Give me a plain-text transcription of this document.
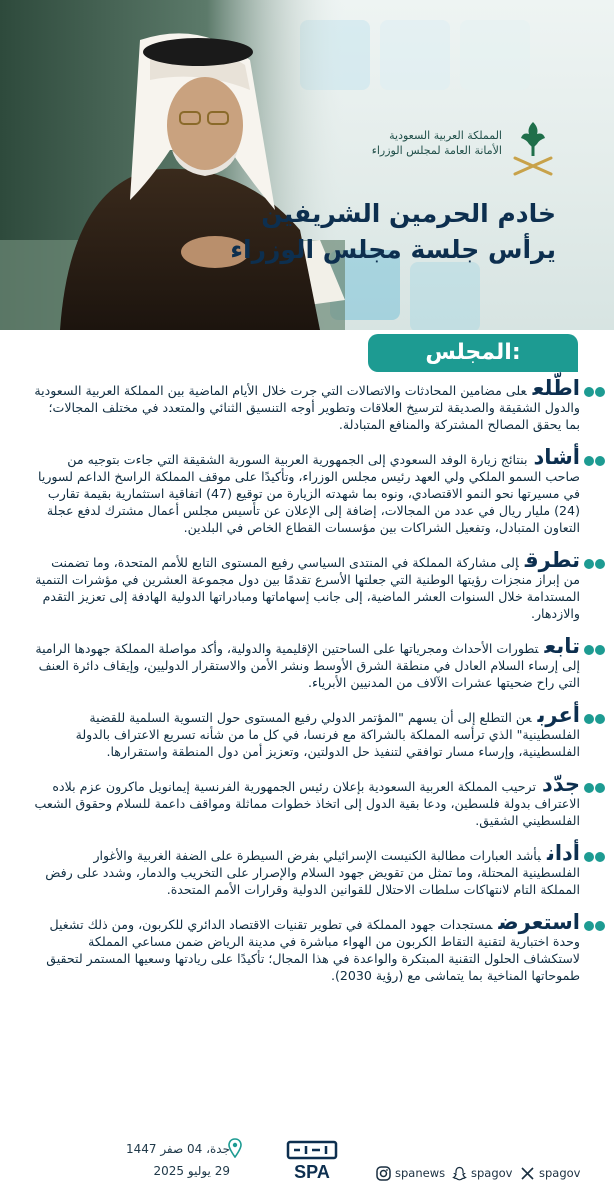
المملكة العربية السعودية
الأمانة العامة لمجلس الوزراء
خادم الحرمين الشريفين
يرأس جلسة مجلس الوزراء
المجلس:
اطّلععلى مضامين المحادثات والاتصالات التي جرت خلال الأيام الماضية بين المملكة العربية السعودية والدول الشقيقة والصديقة لترسيخ العلاقات وتطوير أوجه التنسيق الثنائي والمتعدد في مختلف المجالات؛ بما يحقق المصالح المشتركة والمنافع المتبادلة.
أشادبنتائج زيارة الوفد السعودي إلى الجمهورية العربية السورية الشقيقة التي جاءت بتوجيه من صاحب السمو الملكي ولي العهد رئيس مجلس الوزراء، وتأكيدًا على موقف المملكة الراسخ الداعم لسوريا في مسيرتها نحو النمو الاقتصادي، ونوه بما شهدته الزيارة من توقيع (47) اتفاقية استثمارية بقيمة تقارب (24) مليار ريال في عدد من المجالات، إضافة إلى الإعلان عن تأسيس مجلس أعمال مشترك لدفع عجلة التعاون المتبادل، وتفعيل الشراكات بين مؤسسات القطاع الخاص في البلدين.
تطرقإلى مشاركة المملكة في المنتدى السياسي رفيع المستوى التابع للأمم المتحدة، وما تضمنت من إبراز منجزات رؤيتها الوطنية التي جعلتها الأسرع تقدمًا بين دول مجموعة العشرين في مؤشرات التنمية المستدامة خلال السنوات العشر الماضية، إلى جانب إسهاماتها ومبادراتها الدولية الهادفة إلى تعزيز التقدم والازدهار.
تابعتطورات الأحداث ومجرياتها على الساحتين الإقليمية والدولية، وأكد مواصلة المملكة جهودها الرامية إلى إرساء السلام العادل في منطقة الشرق الأوسط ونشر الأمن والاستقرار الدوليين، وإيقاف دائرة العنف التي راح ضحيتها عشرات الآلاف من المدنيين الأبرياء.
أعربعن التطلع إلى أن يسهم "المؤتمر الدولي رفيع المستوى حول التسوية السلمية للقضية الفلسطينية" الذي ترأسه المملكة بالشراكة مع فرنسا، في كل ما من شأنه تسريع الاعتراف بالدولة الفلسطينية، وإرساء مسار توافقي لتنفيذ حل الدولتين، وتعزيز أمن دول المنطقة واستقرارها.
جدّدترحيب المملكة العربية السعودية بإعلان رئيس الجمهورية الفرنسية إيمانويل ماكرون عزم بلاده الاعتراف بدولة فلسطين، ودعا بقية الدول إلى اتخاذ خطوات مماثلة ومواقف داعمة للسلام وحقوق الشعب الفلسطيني الشقيق.
أدانبأشد العبارات مطالبة الكنيست الإسرائيلي بفرض السيطرة على الضفة الغربية والأغوار الفلسطينية المحتلة، وما تمثل من تقويض جهود السلام والإصرار على التخريب والدمار، وشدد على رفض المملكة التام لانتهاكات سلطات الاحتلال للقوانين الدولية وقرارات الأمم المتحدة.
استعرضمستجدات جهود المملكة في تطوير تقنيات الاقتصاد الدائري للكربون، ومن ذلك تشغيل وحدة اختبارية لتقنية التقاط الكربون من الهواء مباشرة في مدينة الرياض ضمن مساعي المملكة لاستكشاف الحلول التقنية المبتكرة والواعدة في هذا المجال؛ تأكيدًا على ريادتها وسعيها المستمر لتحقيق طموحاتها المناخية بما يتماشى مع (رؤية 2030).
جدة، 04 صفر 1447
29 يوليو 2025	SPA	spanews spagov spagov
